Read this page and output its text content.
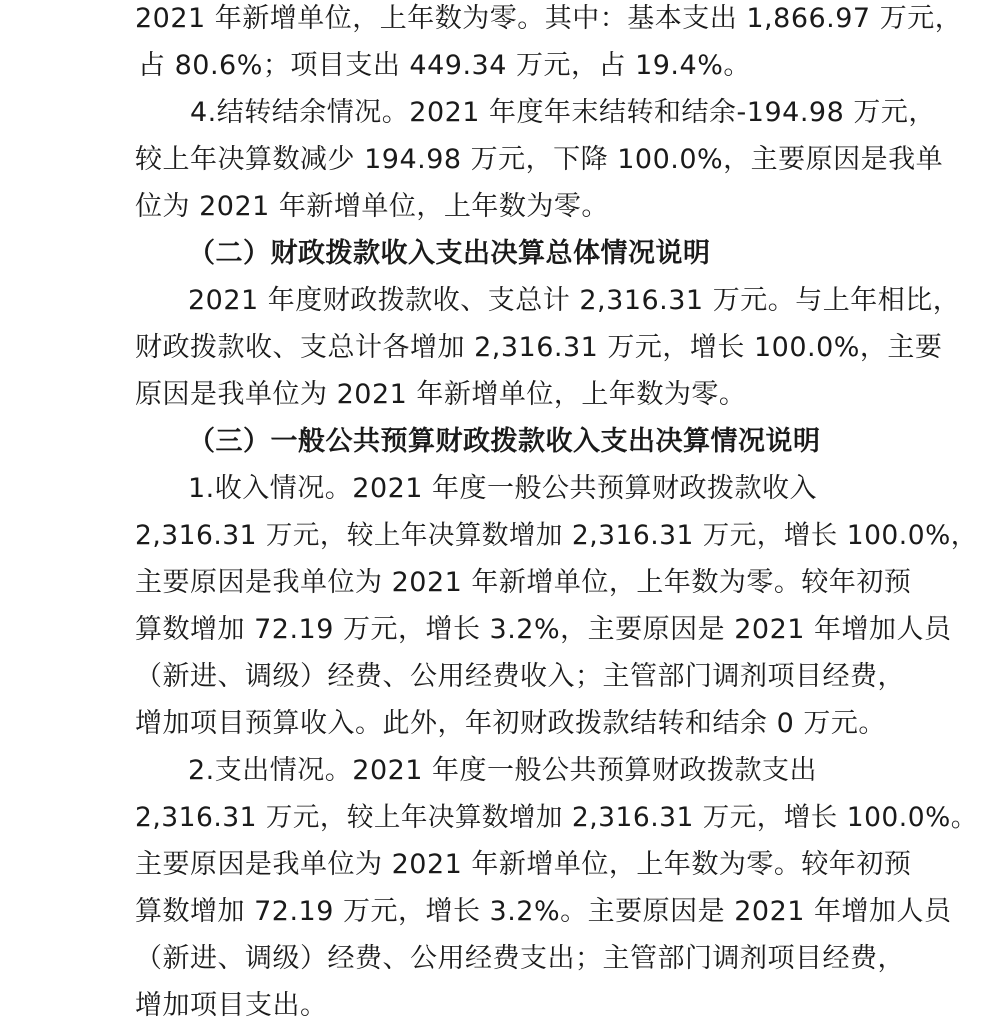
2021 年新增单位，上年数为零。其中：基本支出 1,866.97 万元，
占 80.6%；项目支出 449.34 万元，占 19.4%。
4.结转结余情况。2021 年度年末结转和结余-194.98 万元，
较上年决算数减少 194.98 万元，下降 100.0%，主要原因是我单
位为 2021 年新增单位，上年数为零。
（二）财政拨款收入支出决算总体情况说明
2021 年度财政拨款收、支总计 2,316.31 万元。与上年相比，
财政拨款收、支总计各增加 2,316.31 万元，增长 100.0%，主要
原因是我单位为 2021 年新增单位，上年数为零。
（三）一般公共预算财政拨款收入支出决算情况说明
1.收入情况。2021 年度一般公共预算财政拨款收入
2,316.31 万元，较上年决算数增加 2,316.31 万元，增长 100.0%，
主要原因是我单位为 2021 年新增单位，上年数为零。较年初预
算数增加 72.19 万元，增长 3.2%，主要原因是 2021 年增加人员
（新进、调级）经费、公用经费收入；主管部门调剂项目经费，
增加项目预算收入。此外，年初财政拨款结转和结余 0 万元。
2.支出情况。2021 年度一般公共预算财政拨款支出
2,316.31 万元，较上年决算数增加 2,316.31 万元，增长 100.0%。
主要原因是我单位为 2021 年新增单位，上年数为零。较年初预
算数增加 72.19 万元，增长 3.2%。主要原因是 2021 年增加人员
（新进、调级）经费、公用经费支出；主管部门调剂项目经费，
增加项目支出。
